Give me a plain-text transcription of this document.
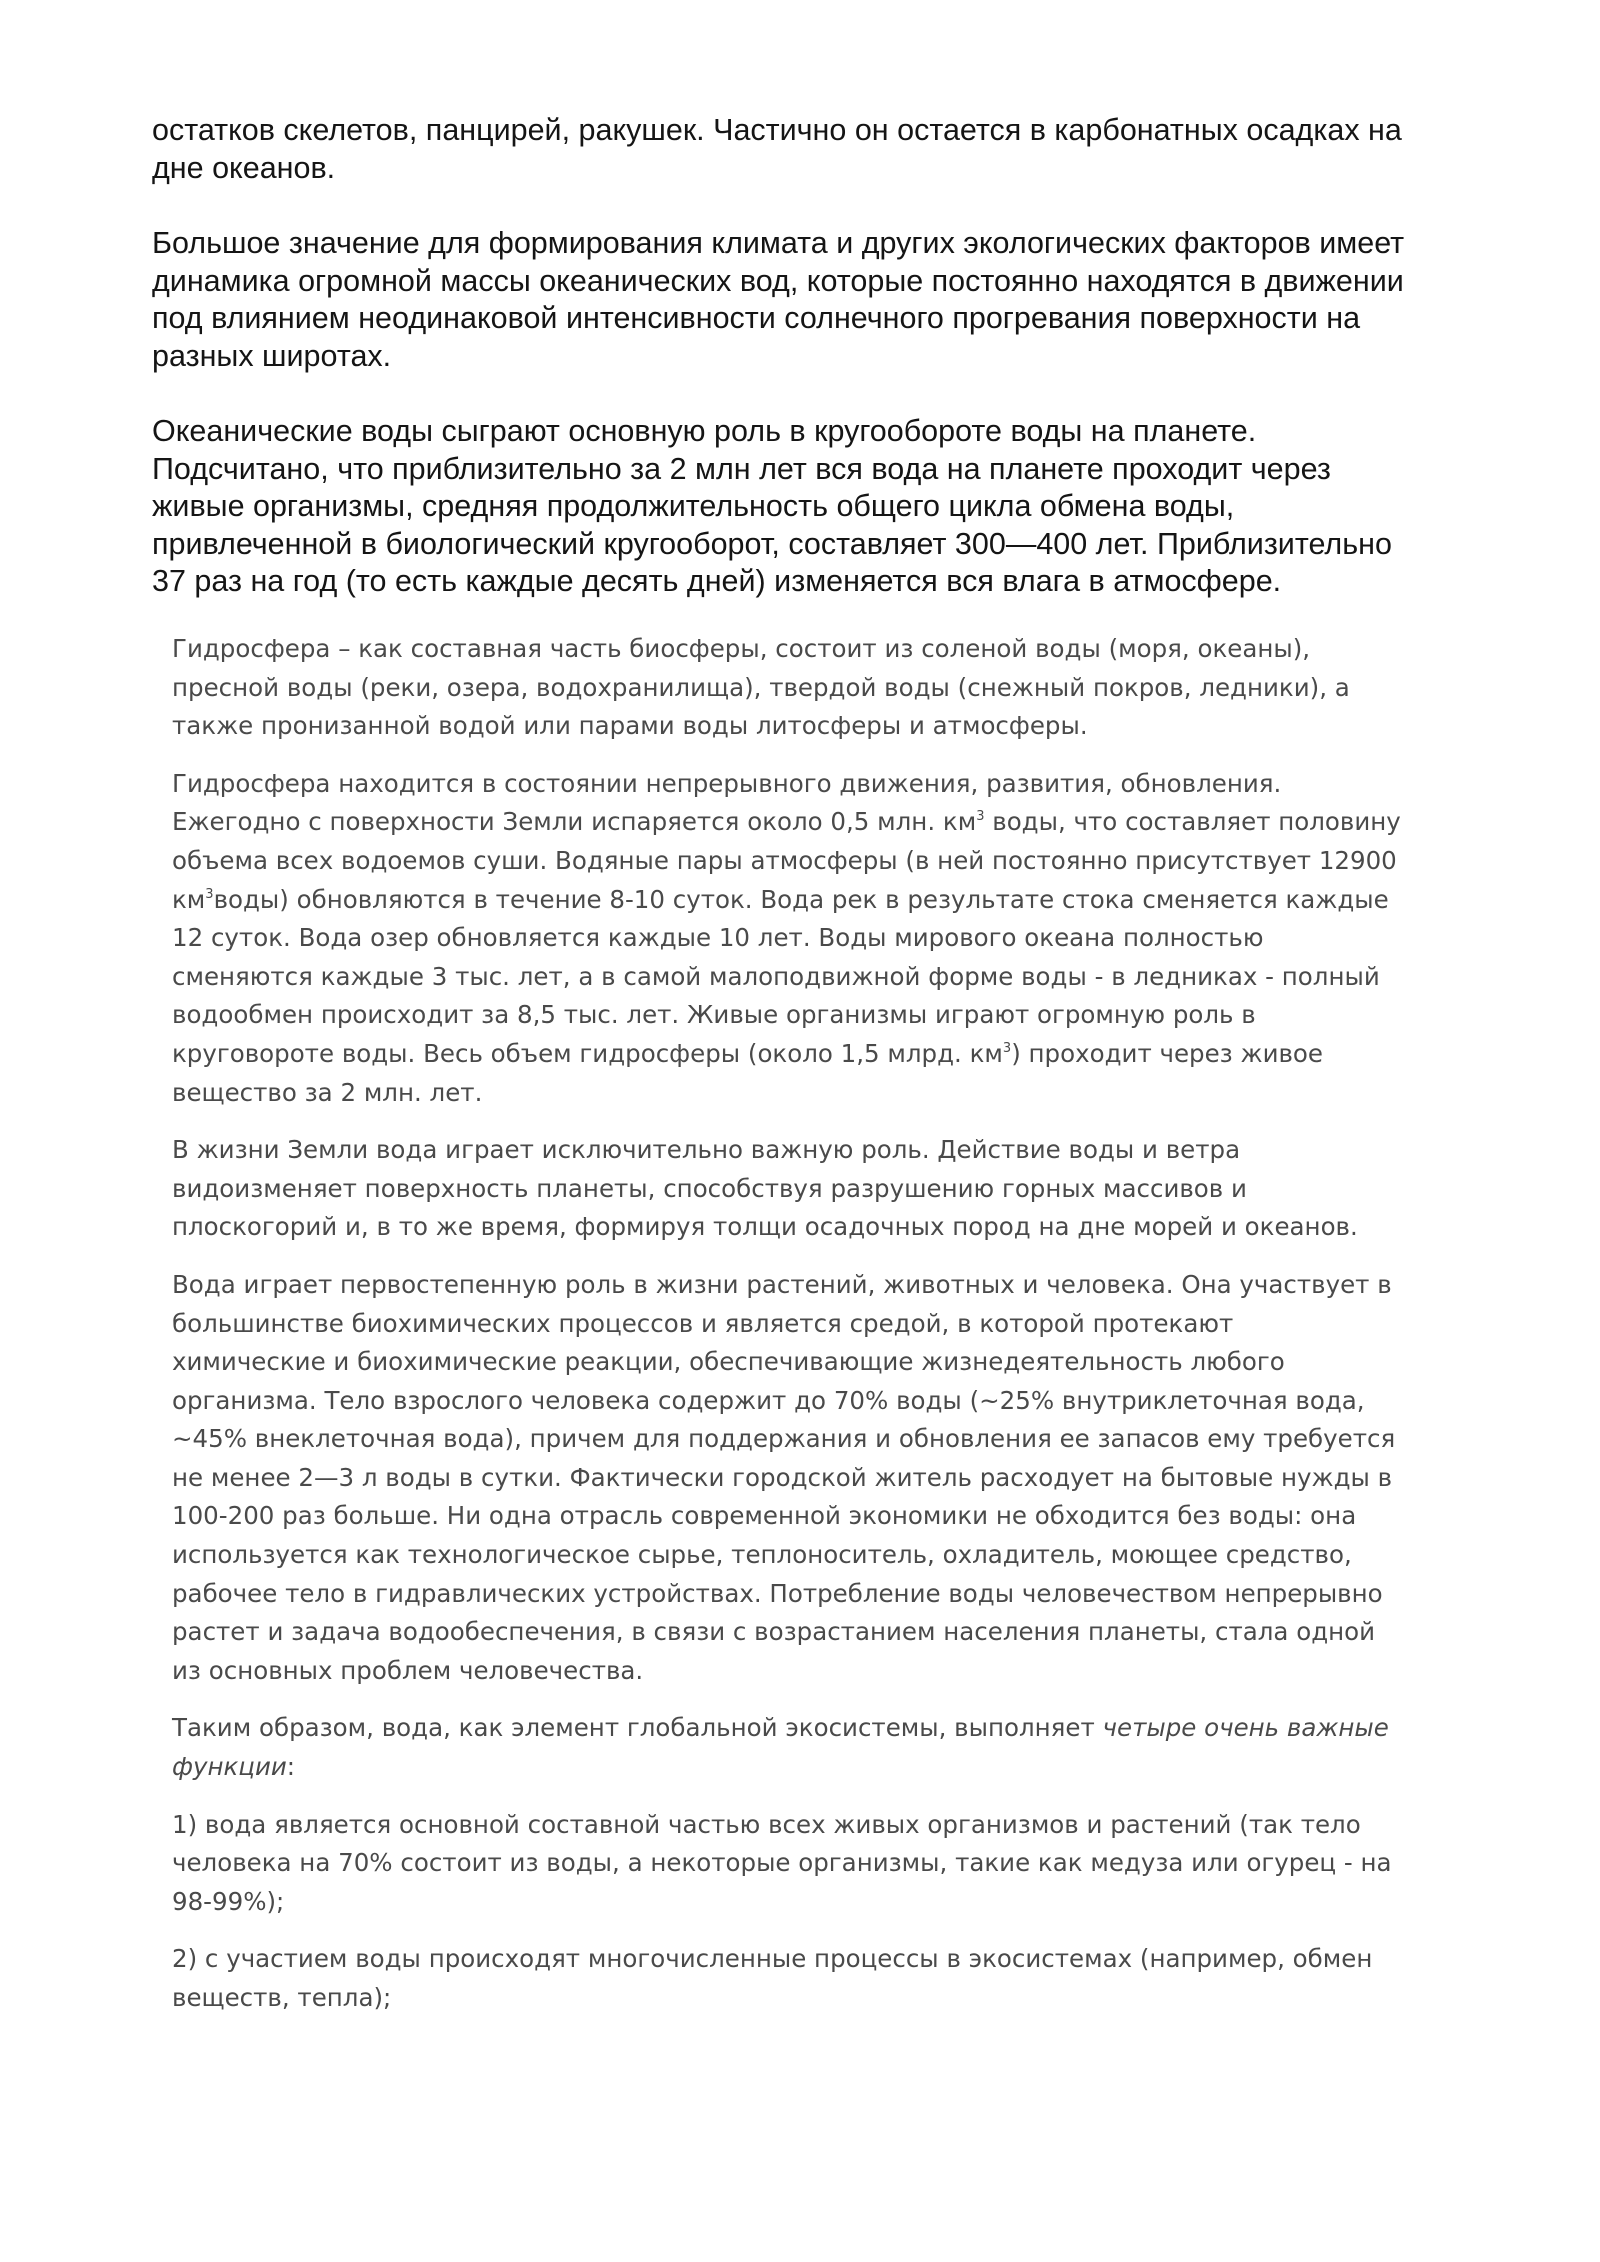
остатков скелетов, панцирей, ракушек. Частично он остается в карбонатных осадках на
дне океанов.

Большое значение для формирования климата и других экологических факторов имеет
динамика огромной массы океанических вод, которые постоянно находятся в движении
под влиянием неодинаковой интенсивности солнечного прогревания поверхности на
разных широтах.

Океанические воды сыграют основную роль в кругообороте воды на планете.
Подсчитано, что приблизительно за 2 млн лет вся вода на планете проходит через
живые организмы, средняя продолжительность общего цикла обмена воды,
привлеченной в биологический кругооборот, составляет 300—400 лет. Приблизительно
37 раз на год (то есть каждые десять дней) изменяется вся влага в атмосфере.

Гидросфера – как составная часть биосферы, состоит из соленой воды (моря, океаны),
пресной воды (реки, озера, водохранилища), твердой воды (снежный покров, ледники), а
также пронизанной водой или парами воды литосферы и атмосферы.

Гидросфера находится в состоянии непрерывного движения, развития, обновления.
Ежегодно с поверхности Земли испаряется около 0,5 млн. $км^3$ воды, что составляет половину
объема всех водоемов суши. Водяные пары атмосферы (в ней постоянно присутствует 12900
$км^3воды$) обновляются в течение 8-10 суток. Вода рек в результате стока сменяется каждые
12 суток. Вода озер обновляется каждые 10 лет. Воды мирового океана полностью
сменяются каждые 3 тыс. лет, а в самой малоподвижной форме воды - в ледниках - полный
водообмен происходит за 8,5 тыс. лет. Живые организмы играют огромную роль в
круговороте воды. Весь объем гидросферы (около 1,5 млрд. $км^3$) проходит через живое
вещество за 2 млн. лет.

В жизни Земли вода играет исключительно важную роль. Действие воды и ветра
видоизменяет поверхность планеты, способствуя разрушению горных массивов и
плоскогорий и, в то же время, формируя толщи осадочных пород на дне морей и океанов.

Вода играет первостепенную роль в жизни растений, животных и человека. Она участвует в
большинстве биохимических процессов и является средой, в которой протекают
химические и биохимические реакции, обеспечивающие жизнедеятельность любого
организма. Тело взрослого человека содержит до 70% воды (~25% внутриклеточная вода,
~45% внеклеточная вода), причем для поддержания и обновления ее запасов ему требуется
не менее 2—3 л воды в сутки. Фактически городской житель расходует на бытовые нужды в
100-200 раз больше. Ни одна отрасль современной экономики не обходится без воды: она
используется как технологическое сырье, теплоноситель, охладитель, моющее средство,
рабочее тело в гидравлических устройствах. Потребление воды человечеством непрерывно
растет и задача водообеспечения, в связи с возрастанием населения планеты, стала одной
из основных проблем человечества.

Таким образом, вода, как элемент глобальной экосистемы, выполняет четыре очень важные
функции:

1) вода является основной составной частью всех живых организмов и растений (так тело
человека на 70% состоит из воды, а некоторые организмы, такие как медуза или огурец - на
98-99%);

2) с участием воды происходят многочисленные процессы в экосистемах (например, обмен
веществ, тепла);
